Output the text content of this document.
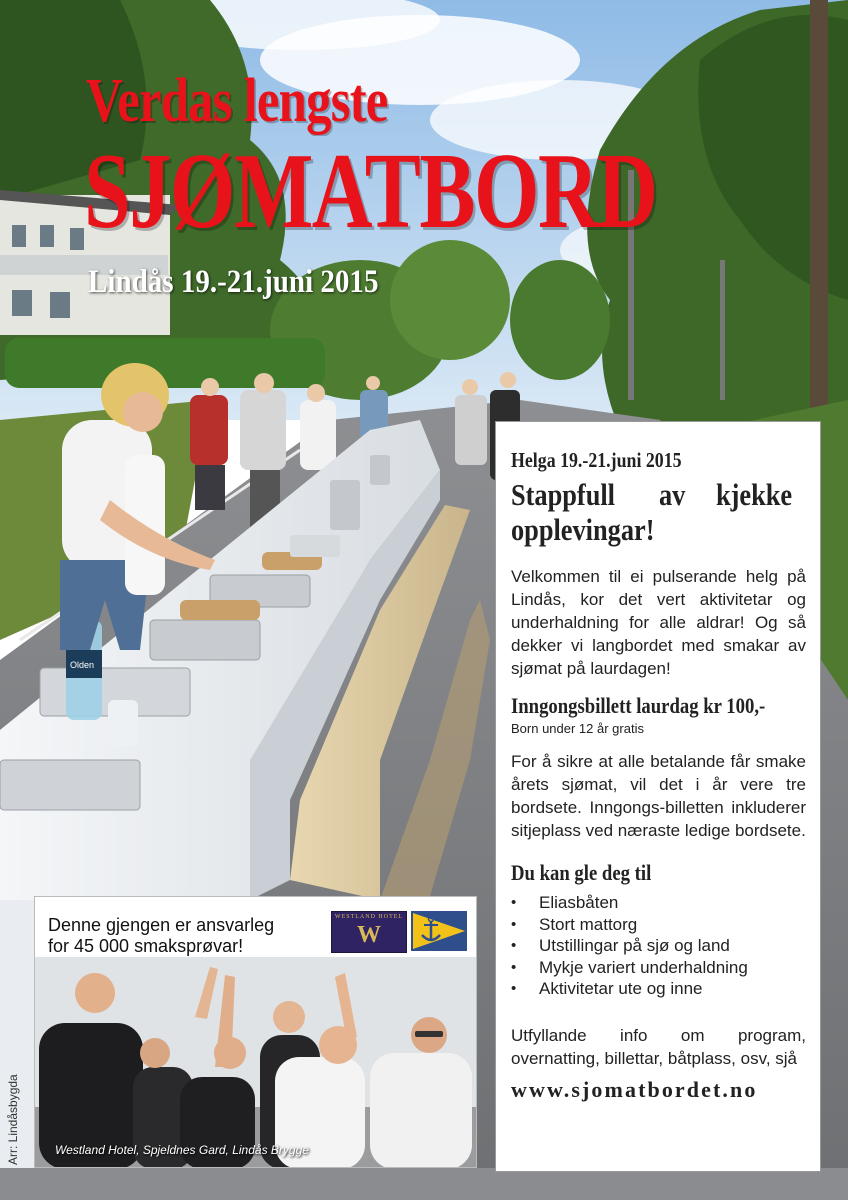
Olden
Verdas lengste
SJØMATBORD
Lindås 19.-21.juni 2015
Helga 19.-21.juni 2015
Stappfull av kjekke
opplevingar!

Velkommen til ei pulserande helg på Lindås, kor det vert aktivitetar og underhaldning for alle aldrar! Og så dekker vi langbordet med smakar av sjømat på laurdagen!

Inngongsbillett laurdag kr 100,-
Born under 12 år gratis

For å sikre at alle betalande får smake årets sjømat, vil det i år vere tre bordsete. Inngongs-billetten inkluderer sitjeplass ved næraste ledige bordsete.

Du kan gle deg til
• Eliasbåten
• Stort mattorg
• Utstillingar på sjø og land
• Mykje variert underhaldning
• Aktivitetar ute og inne

Utfyllande info om program, overnatting, billettar, båtplass, osv, sjå

www.sjomatbordet.no
Denne gjengen er ansvarleg
for 45 000 smaksprøvar!
WESTLAND HOTEL
W
Westland Hotel, Spjeldnes Gard, Lindås Brygge
Arr: Lindåsbygda
